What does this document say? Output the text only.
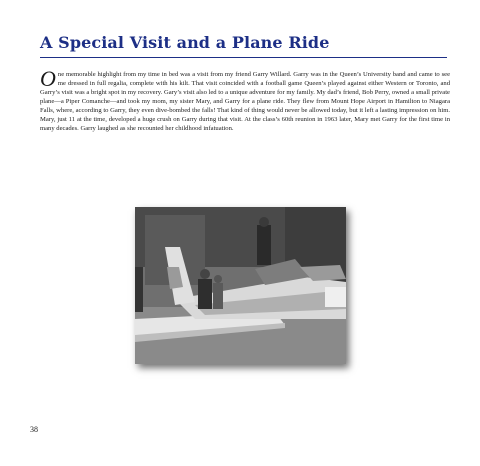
A Special Visit and a Plane Ride

One memorable highlight from my time in bed was a visit from my friend Garry Willard. Garry was in the Queen’s University band and came to see me dressed in full regalia, complete with his kilt. That visit coincided with a football game Queen’s played against either Western or Toronto, and Garry’s visit was a bright spot in my recovery. Gary’s visit also led to a unique adventure for my family. My dad’s friend, Bob Perry, owned a small private plane—a Piper Comanche—and took my mom, my sister Mary, and Garry for a plane ride. They flew from Mount Hope Airport in Hamilton to Niagara Falls, where, according to Garry, they even dive-bombed the falls! That kind of thing would never be allowed today, but it left a lasting impression on him. Mary, just 11 at the time, developed a huge crush on Garry during that visit. At the class’s 60th reunion in 1963 later, Mary met Garry for the first time in many decades. Garry laughed as she recounted her childhood infatuation.

38
